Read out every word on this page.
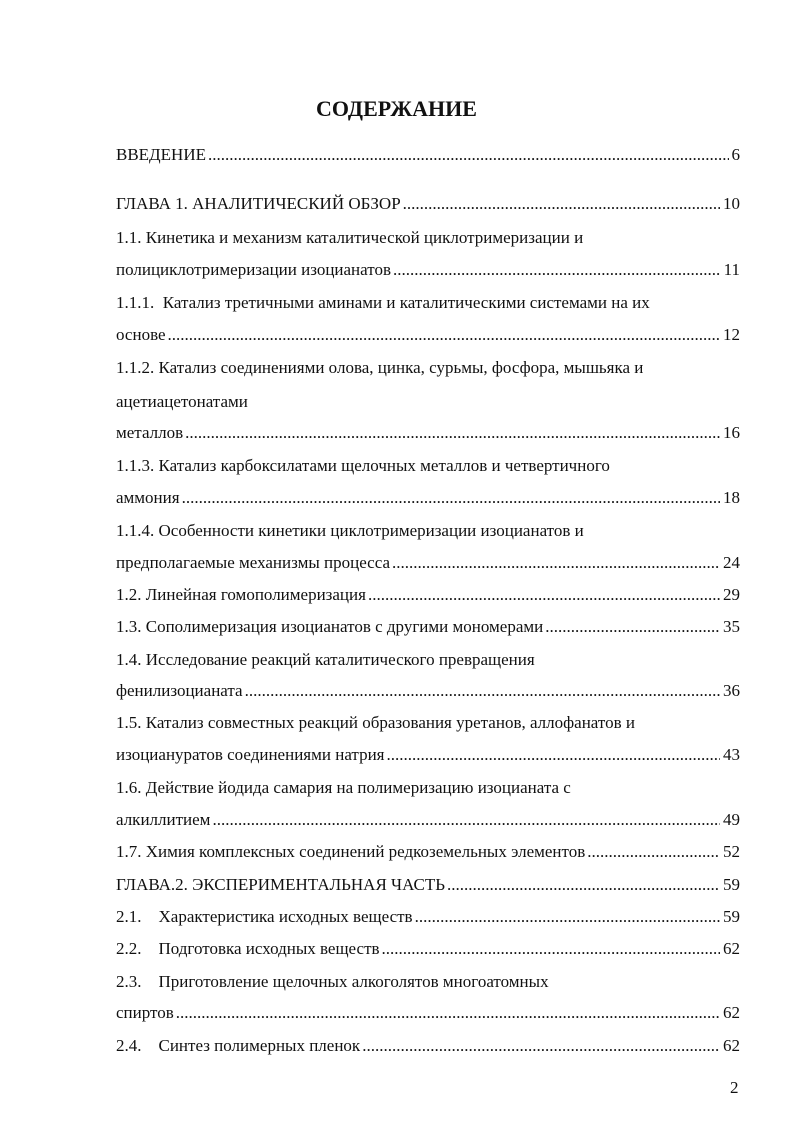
СОДЕРЖАНИЕ
ВВЕДЕНИЕ .....	6
ГЛАВА 1. АНАЛИТИЧЕСКИЙ ОБЗОР .....	10
1.1. Кинетика и механизм каталитической циклотримеризации и
полициклотримеризации изоцианатов .....	11
1.1.1.  Катализ третичными аминами и каталитическими системами на их
основе .....	12
1.1.2. Катализ соединениями олова, цинка, сурьмы, фосфора, мышьяка и
ацетиацетонатами
металлов .....	16
1.1.3. Катализ карбоксилатами щелочных металлов и четвертичного
аммония .....	18
1.1.4. Особенности кинетики циклотримеризации изоцианатов и
предполагаемые механизмы процесса .....	24
1.2. Линейная гомополимеризация .....	29
1.3. Сополимеризация изоцианатов с другими мономерами .....	35
1.4. Исследование реакций каталитического превращения
фенилизоцианата .....	36
1.5. Катализ совместных реакций образования уретанов, аллофанатов и
изоциануратов соединениями натрия .....	43
1.6. Действие йодида самария на полимеризацию изоцианата с
алкиллитием .....	49
1.7. Химия комплексных соединений редкоземельных элементов .....	52
ГЛАВА.2. ЭКСПЕРИМЕНТАЛЬНАЯ ЧАСТЬ .....	59
2.1.    Характеристика исходных веществ .....	59
2.2.    Подготовка исходных веществ .....	62
2.3.    Приготовление щелочных алкоголятов многоатомных
спиртов .....	62
2.4.    Синтез полимерных пленок .....	62
2
